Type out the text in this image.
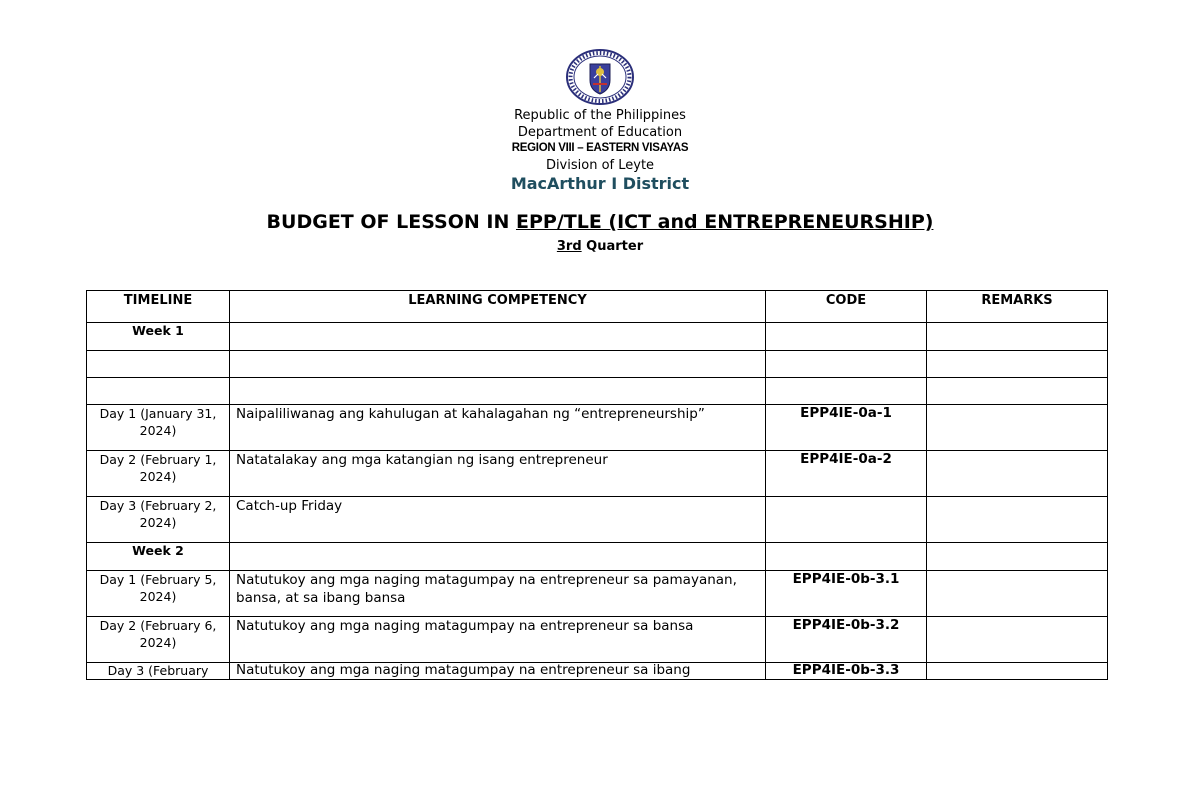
Republic of the Philippines
Department of Education
REGION VIII – EASTERN VISAYAS
Division of Leyte
MacArthur I District
BUDGET OF LESSON IN EPP/TLE (ICT and ENTREPRENEURSHIP)
3rd Quarter
TIMELINE	LEARNING COMPETENCY	CODE	REMARKS
Week 1			

Day 1 (January 31, 2024)	Naipaliliwanag ang kahulugan at kahalagahan ng “entrepreneurship”	EPP4IE-0a-1	
Day 2 (February 1, 2024)	Natatalakay ang mga katangian ng isang entrepreneur	EPP4IE-0a-2	
Day 3 (February 2, 2024)	Catch-up Friday		
Week 2			
Day 1 (February 5, 2024)	Natutukoy ang mga naging matagumpay na entrepreneur sa pamayanan, bansa, at sa ibang bansa	EPP4IE-0b-3.1	
Day 2 (February 6, 2024)	Natutukoy ang mga naging matagumpay na entrepreneur sa bansa	EPP4IE-0b-3.2	
Day 3 (February	Natutukoy ang mga naging matagumpay na entrepreneur sa ibang	EPP4IE-0b-3.3	
